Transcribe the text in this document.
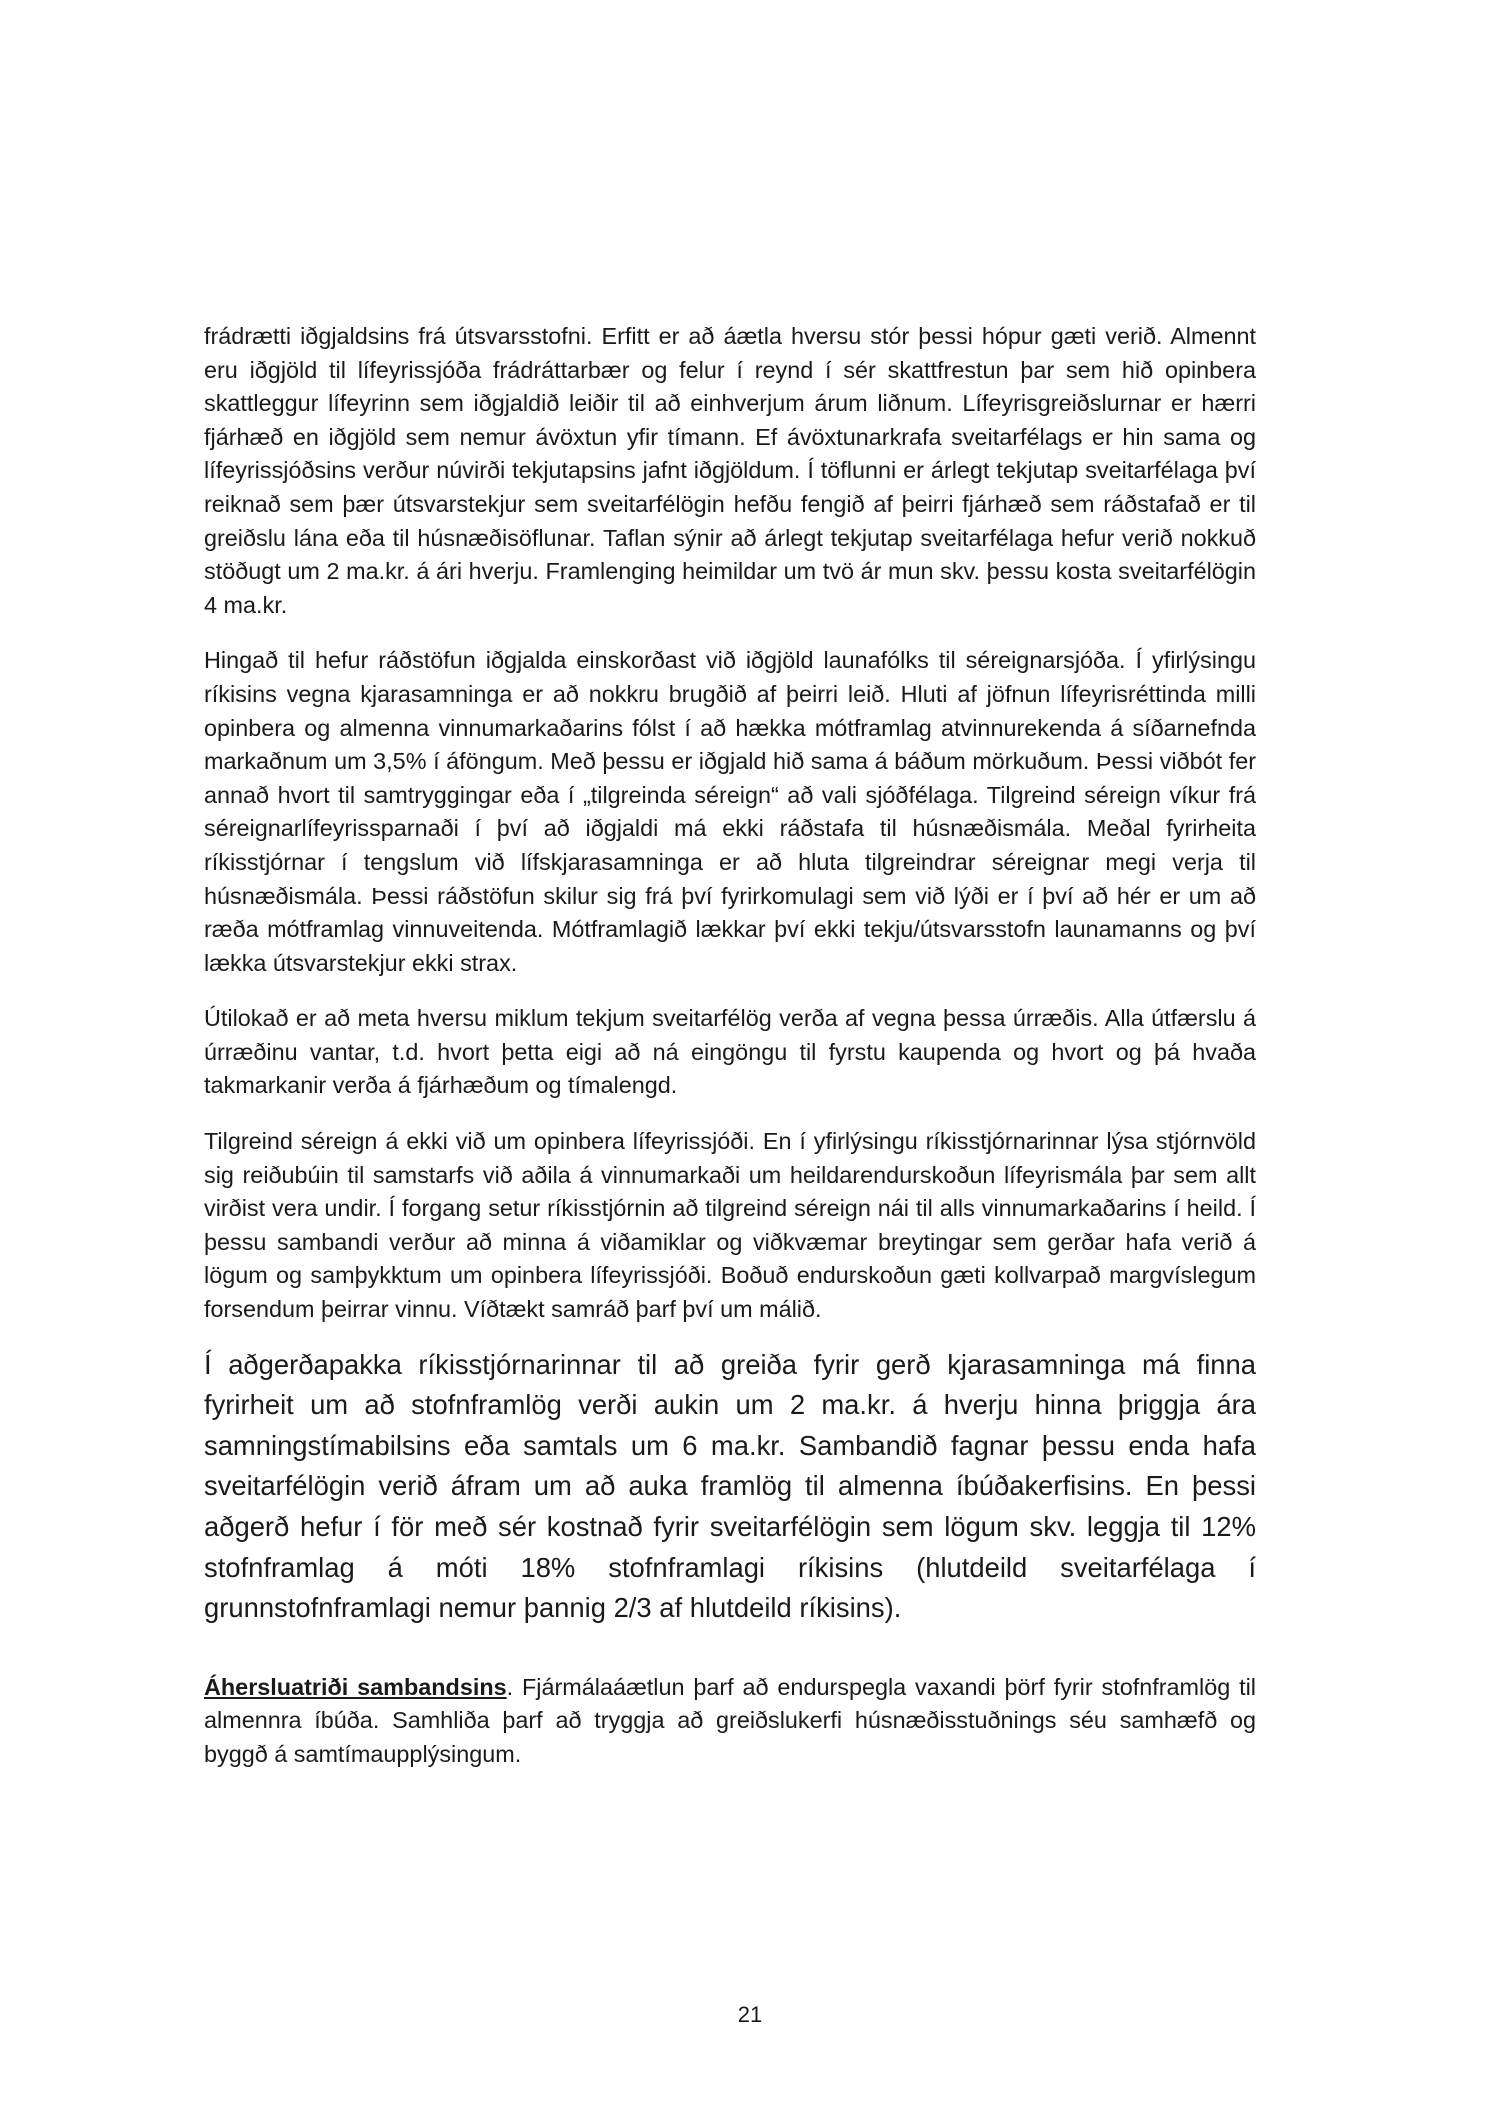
frádrætti iðgjaldsins frá útsvarsstofni. Erfitt er að áætla hversu stór þessi hópur gæti verið. Almennt eru iðgjöld til lífeyrissjóða frádráttarbær og felur í reynd í sér skattfrestun þar sem hið opinbera skattleggur lífeyrinn sem iðgjaldið leiðir til að einhverjum árum liðnum. Lífeyrisgreiðslurnar er hærri fjárhæð en iðgjöld sem nemur ávöxtun yfir tímann. Ef ávöxtunarkrafa sveitarfélags er hin sama og lífeyrissjóðsins verður núvirði tekjutapsins jafnt iðgjöldum. Í töflunni er árlegt tekjutap sveitarfélaga því reiknað sem þær útsvarstekjur sem sveitarfélögin hefðu fengið af þeirri fjárhæð sem ráðstafað er til greiðslu lána eða til húsnæðisöflunar. Taflan sýnir að árlegt tekjutap sveitarfélaga hefur verið nokkuð stöðugt um 2 ma.kr. á ári hverju. Framlenging heimildar um tvö ár mun skv. þessu kosta sveitarfélögin 4 ma.kr.

Hingað til hefur ráðstöfun iðgjalda einskorðast við iðgjöld launafólks til séreignarsjóða. Í yfirlýsingu ríkisins vegna kjarasamninga er að nokkru brugðið af þeirri leið. Hluti af jöfnun lífeyrisréttinda milli opinbera og almenna vinnumarkaðarins fólst í að hækka mótframlag atvinnurekenda á síðarnefnda markaðnum um 3,5% í áföngum. Með þessu er iðgjald hið sama á báðum mörkuðum. Þessi viðbót fer annað hvort til samtryggingar eða í „tilgreinda séreign“ að vali sjóðfélaga. Tilgreind séreign víkur frá séreignarlífeyrissparnaði í því að iðgjaldi má ekki ráðstafa til húsnæðismála. Meðal fyrirheita ríkisstjórnar í tengslum við lífskjarasamninga er að hluta tilgreindrar séreignar megi verja til húsnæðismála. Þessi ráðstöfun skilur sig frá því fyrirkomulagi sem við lýði er í því að hér er um að ræða mótframlag vinnuveitenda. Mótframlagið lækkar því ekki tekju/útsvarsstofn launamanns og því lækka útsvarstekjur ekki strax.

Útilokað er að meta hversu miklum tekjum sveitarfélög verða af vegna þessa úrræðis. Alla útfærslu á úrræðinu vantar, t.d. hvort þetta eigi að ná eingöngu til fyrstu kaupenda og hvort og þá hvaða takmarkanir verða á fjárhæðum og tímalengd.

Tilgreind séreign á ekki við um opinbera lífeyrissjóði. En í yfirlýsingu ríkisstjórnarinnar lýsa stjórnvöld sig reiðubúin til samstarfs við aðila á vinnumarkaði um heildarendurskoðun lífeyrismála þar sem allt virðist vera undir. Í forgang setur ríkisstjórnin að tilgreind séreign nái til alls vinnumarkaðarins í heild. Í þessu sambandi verður að minna á viðamiklar og viðkvæmar breytingar sem gerðar hafa verið á lögum og samþykktum um opinbera lífeyrissjóði. Boðuð endurskoðun gæti kollvarpað margvíslegum forsendum þeirrar vinnu. Víðtækt samráð þarf því um málið.

Í aðgerðapakka ríkisstjórnarinnar til að greiða fyrir gerð kjarasamninga má finna fyrirheit um að stofnframlög verði aukin um 2 ma.kr. á hverju hinna þriggja ára samningstímabilsins eða samtals um 6 ma.kr. Sambandið fagnar þessu enda hafa sveitarfélögin verið áfram um að auka framlög til almenna íbúðakerfisins. En þessi aðgerð hefur í för með sér kostnað fyrir sveitarfélögin sem lögum skv. leggja til 12% stofnframlag á móti 18% stofnframlagi ríkisins (hlutdeild sveitarfélaga í grunnstofnframlagi nemur þannig 2/3 af hlutdeild ríkisins).

Áhersluatriði sambandsins. Fjármálaáætlun þarf að endurspegla vaxandi þörf fyrir stofnframlög til almennra íbúða. Samhliða þarf að tryggja að greiðslukerfi húsnæðisstuðnings séu samhæfð og byggð á samtímaupplýsingum.

21
